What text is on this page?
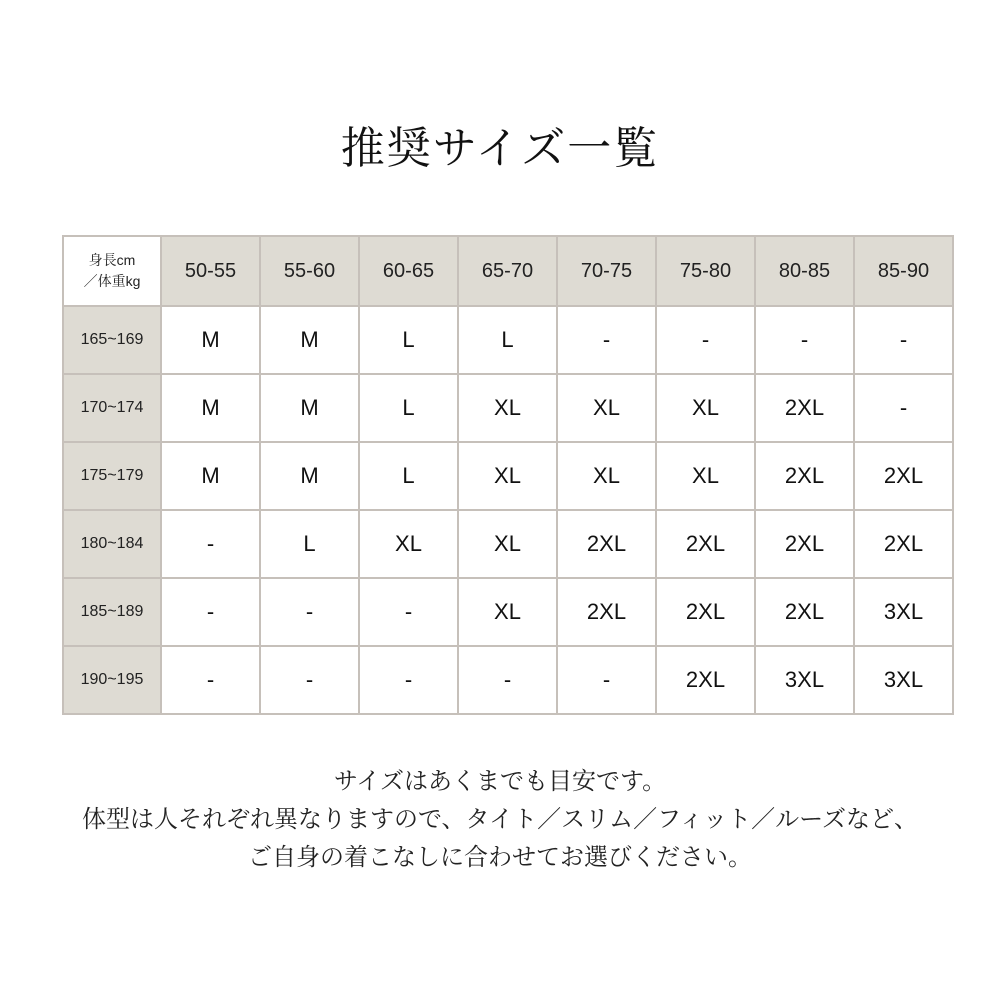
推奨サイズ一覧
身長cm
／体重kg	50-55	55-60	60-65	65-70	70-75	75-80	80-85	85-90
165~169	M	M	L	L	-	-	-	-
170~174	M	M	L	XL	XL	XL	2XL	-
175~179	M	M	L	XL	XL	XL	2XL	2XL
180~184	-	L	XL	XL	2XL	2XL	2XL	2XL
185~189	-	-	-	XL	2XL	2XL	2XL	3XL
190~195	-	-	-	-	-	2XL	3XL	3XL
サイズはあくまでも目安です。
体型は人それぞれ異なりますので、タイト／スリム／フィット／ルーズなど、
ご自身の着こなしに合わせてお選びください。
